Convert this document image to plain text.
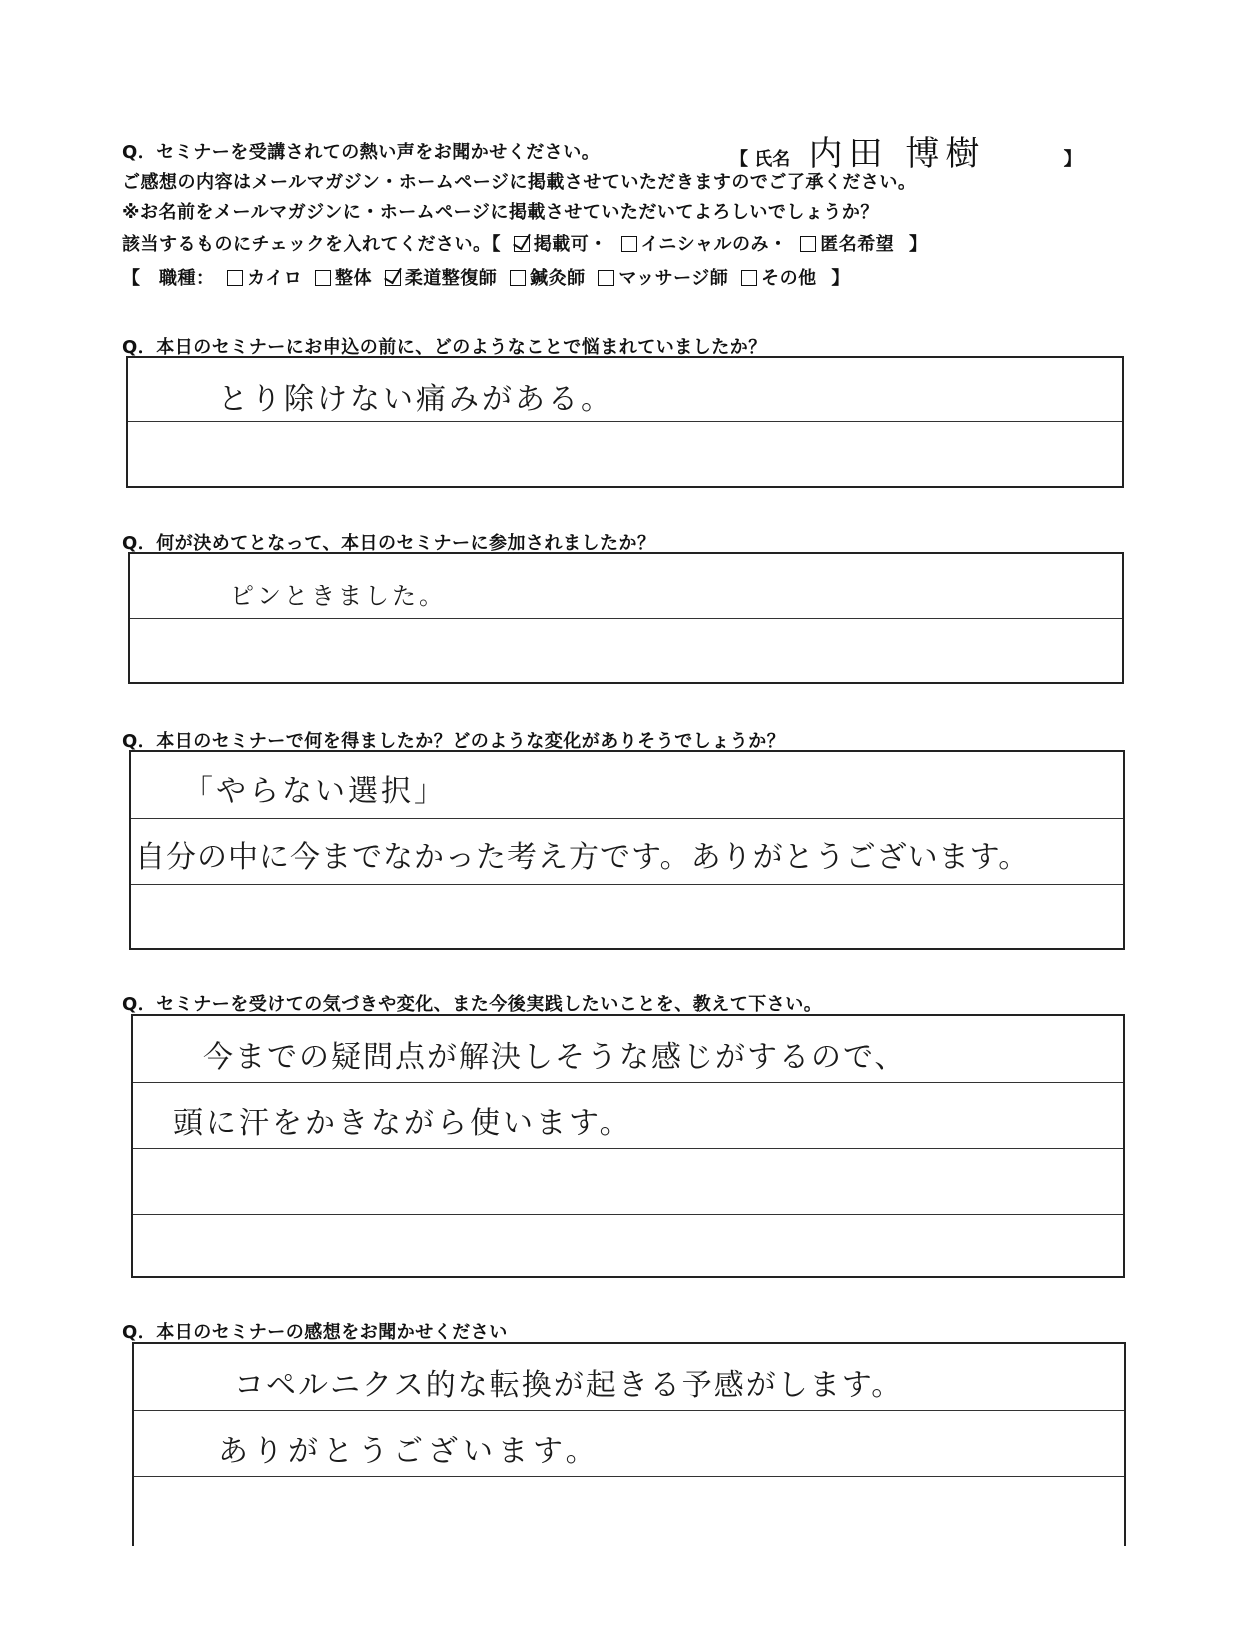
Q．セミナーを受講されての熱い声をお聞かせください。	【 氏名 内田 博樹	】
ご感想の内容はメールマガジン・ホームページに掲載させていただきますのでご了承ください。
※お名前をメールマガジンに・ホームページに掲載させていただいてよろしいでしょうか？
該当するものにチェックを入れてください。【 掲載可・ イニシャルのみ・ 匿名希望 】
【　職種： カイロ 整体 柔道整復師 鍼灸師 マッサージ師 その他 】
Q．本日のセミナーにお申込の前に、どのようなことで悩まれていましたか？
とり除けない痛みがある。
Q．何が決めてとなって、本日のセミナーに参加されましたか？
ピンときました。
Q．本日のセミナーで何を得ましたか？どのような変化がありそうでしょうか？
「やらない選択」
自分の中に今までなかった考え方です。ありがとうございます。
Q．セミナーを受けての気づきや変化、また今後実践したいことを、教えて下さい。
今までの疑問点が解決しそうな感じがするので、
頭に汗をかきながら使います。
Q．本日のセミナーの感想をお聞かせください
コペルニクス的な転換が起きる予感がします。
ありがとうございます。
